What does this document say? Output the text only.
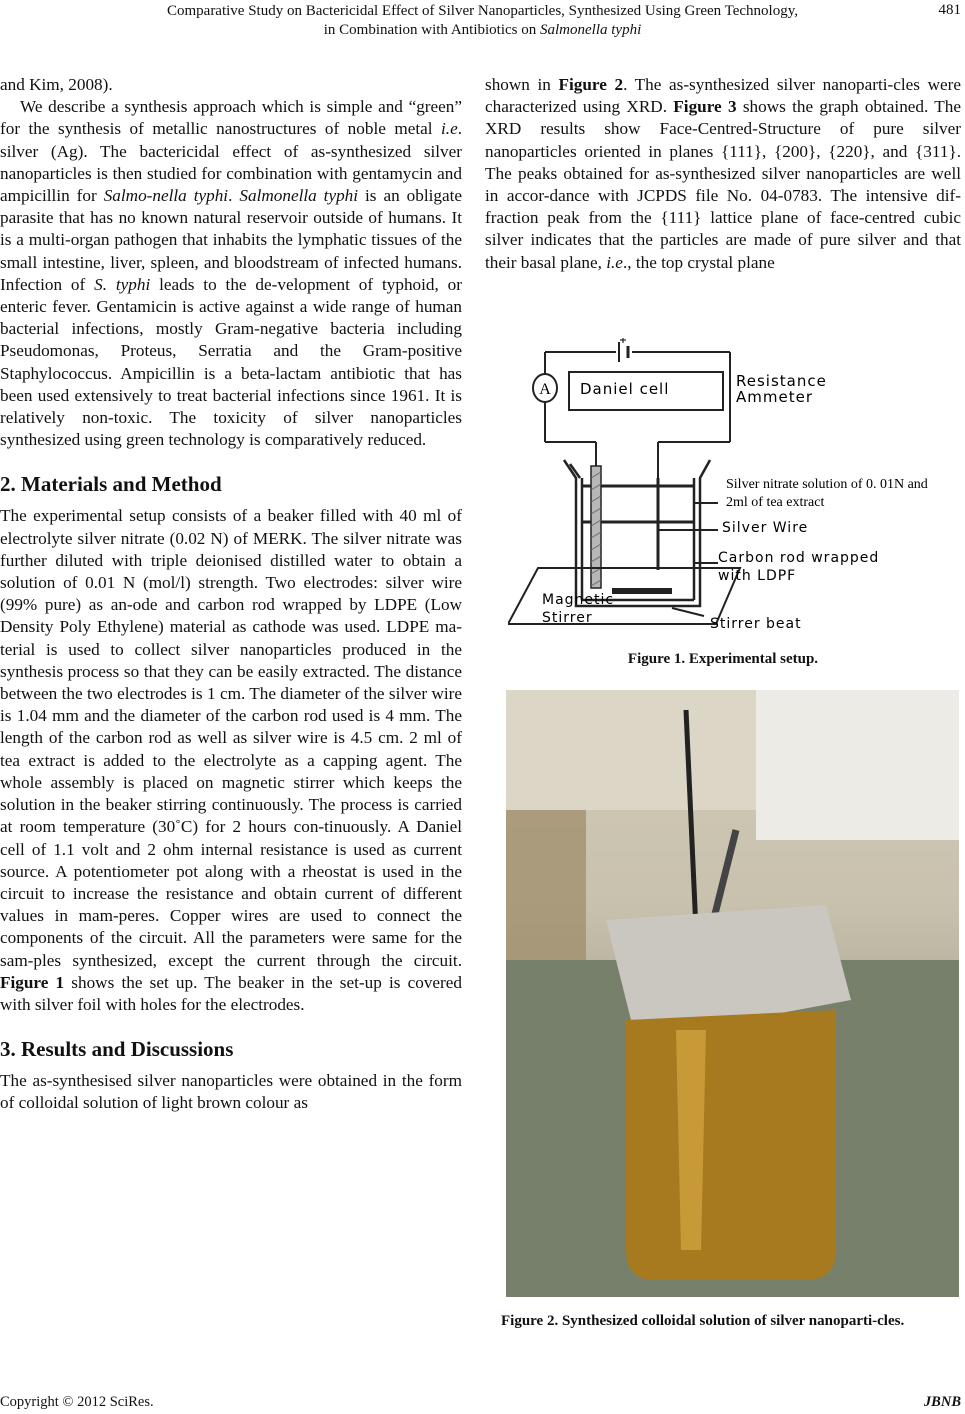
Comparative Study on Bactericidal Effect of Silver Nanoparticles, Synthesized Using Green Technology,
in Combination with Antibiotics on Salmonella typhi
481

and Kim, 2008).

We describe a synthesis approach which is simple and “green” for the synthesis of metallic nanostructures of noble metal i.e. silver (Ag). The bactericidal effect of as-synthesized silver nanoparticles is then studied for combination with gentamycin and ampicillin for Salmo-nella typhi. Salmonella typhi is an obligate parasite that has no known natural reservoir outside of humans. It is a multi-organ pathogen that inhabits the lymphatic tissues of the small intestine, liver, spleen, and bloodstream of infected humans. Infection of S. typhi leads to the de-velopment of typhoid, or enteric fever. Gentamicin is active against a wide range of human bacterial infections, mostly Gram-negative bacteria including Pseudomonas, Proteus, Serratia and the Gram-positive Staphylococcus. Ampicillin is a beta-lactam antibiotic that has been used extensively to treat bacterial infections since 1961. It is relatively non-toxic. The toxicity of silver nanoparticles synthesized using green technology is comparatively reduced.

2. Materials and Method

The experimental setup consists of a beaker filled with 40 ml of electrolyte silver nitrate (0.02 N) of MERK. The silver nitrate was further diluted with triple deionised distilled water to obtain a solution of 0.01 N (mol/l) strength. Two electrodes: silver wire (99% pure) as an-ode and carbon rod wrapped by LDPE (Low Density Poly Ethylene) material as cathode was used. LDPE ma-terial is used to collect silver nanoparticles produced in the synthesis process so that they can be easily extracted. The distance between the two electrodes is 1 cm. The diameter of the silver wire is 1.04 mm and the diameter of the carbon rod used is 4 mm. The length of the carbon rod as well as silver wire is 4.5 cm. 2 ml of tea extract is added to the electrolyte as a capping agent. The whole assembly is placed on magnetic stirrer which keeps the solution in the beaker stirring continuously. The process is carried at room temperature (30˚C) for 2 hours con-tinuously. A Daniel cell of 1.1 volt and 2 ohm internal resistance is used as current source. A potentiometer pot along with a rheostat is used in the circuit to increase the resistance and obtain current of different values in mam-peres. Copper wires are used to connect the components of the circuit. All the parameters were same for the sam-ples synthesized, except the current through the circuit. Figure 1 shows the set up. The beaker in the set-up is covered with silver foil with holes for the electrodes.

3. Results and Discussions

The as-synthesised silver nanoparticles were obtained in the form of colloidal solution of light brown colour as

shown in Figure 2. The as-synthesized silver nanoparti-cles were characterized using XRD. Figure 3 shows the graph obtained. The XRD results show Face-Centred-Structure of pure silver nanoparticles oriented in planes {111}, {200}, {220}, and {311}. The peaks obtained for as-synthesized silver nanoparticles are well in accor-dance with JCPDS file No. 04-0783. The intensive dif-fraction peak from the {111} lattice plane of face-centred cubic silver indicates that the particles are made of pure silver and that their basal plane, i.e., the top crystal plane

A Daniel cell	Resistance
Ammeter
Silver nitrate solution of 0. 01N and
2ml of tea extract
Silver Wire
Carbon rod wrapped
with LDPF
Magnetic
Stirrer	Stirrer beat
Figure 1. Experimental setup.
Figure 2. Synthesized colloidal solution of silver nanoparti-cles.
Copyright © 2012 SciRes.	JBNB
